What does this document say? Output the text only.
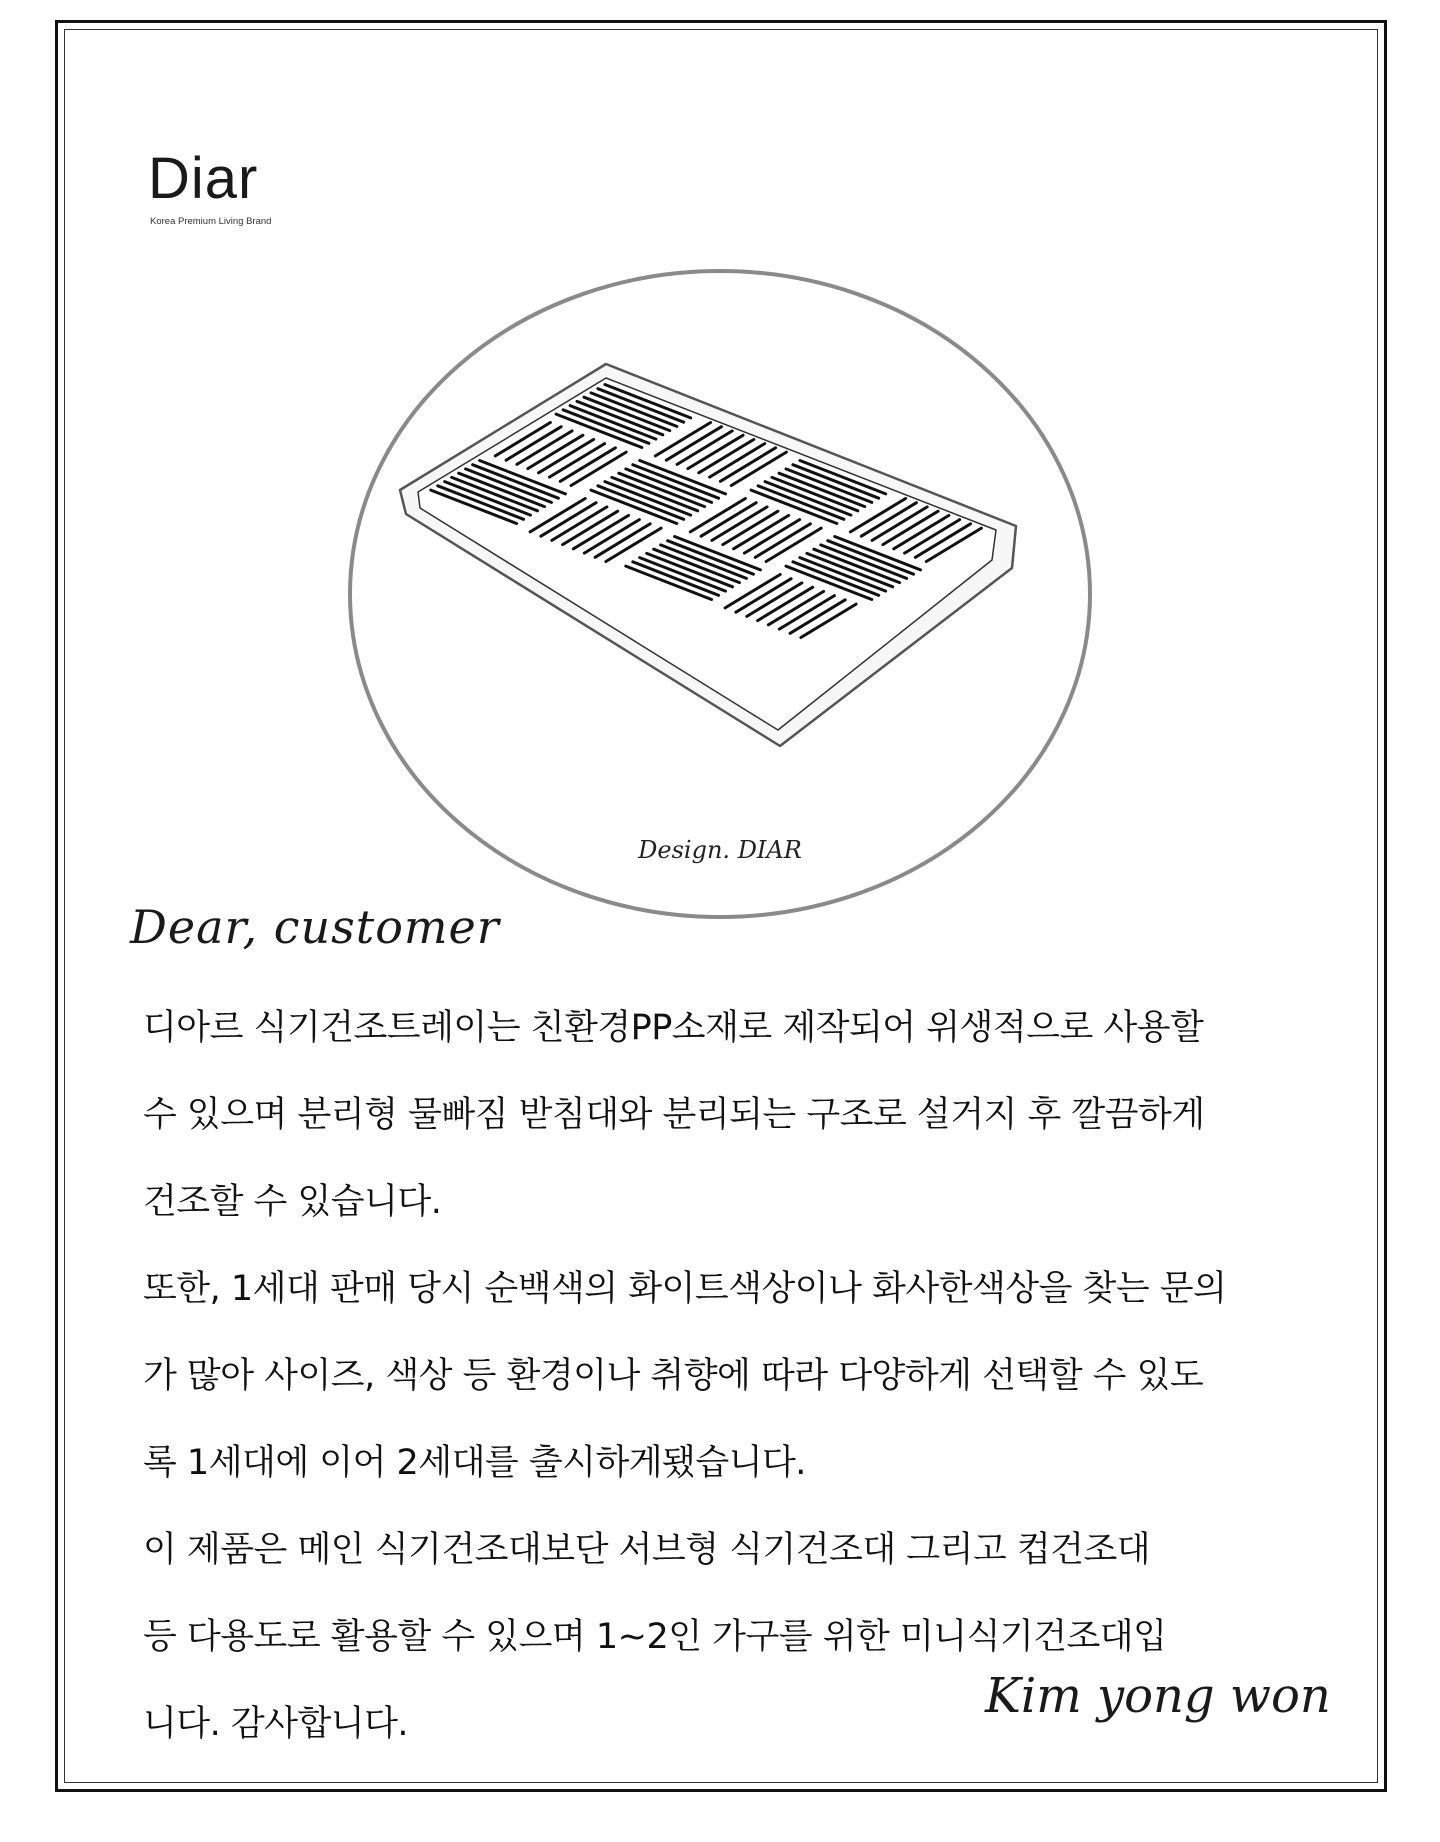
Diar
Korea Premium Living Brand
Design. DIAR
Dear, customer

디아르 식기건조트레이는 친환경PP소재로 제작되어 위생적으로 사용할
수 있으며 분리형 물빠짐 받침대와 분리되는 구조로 설거지 후 깔끔하게
건조할 수 있습니다.

또한, 1세대 판매 당시 순백색의 화이트색상이나 화사한색상을 찾는 문의
가 많아 사이즈, 색상 등 환경이나 취향에 따라 다양하게 선택할 수 있도
록 1세대에 이어 2세대를 출시하게됐습니다.

이 제품은 메인 식기건조대보단 서브형 식기건조대 그리고 컵건조대
등 다용도로 활용할 수 있으며 1~2인 가구를 위한 미니식기건조대입
니다. 감사합니다.	Kim yong won
